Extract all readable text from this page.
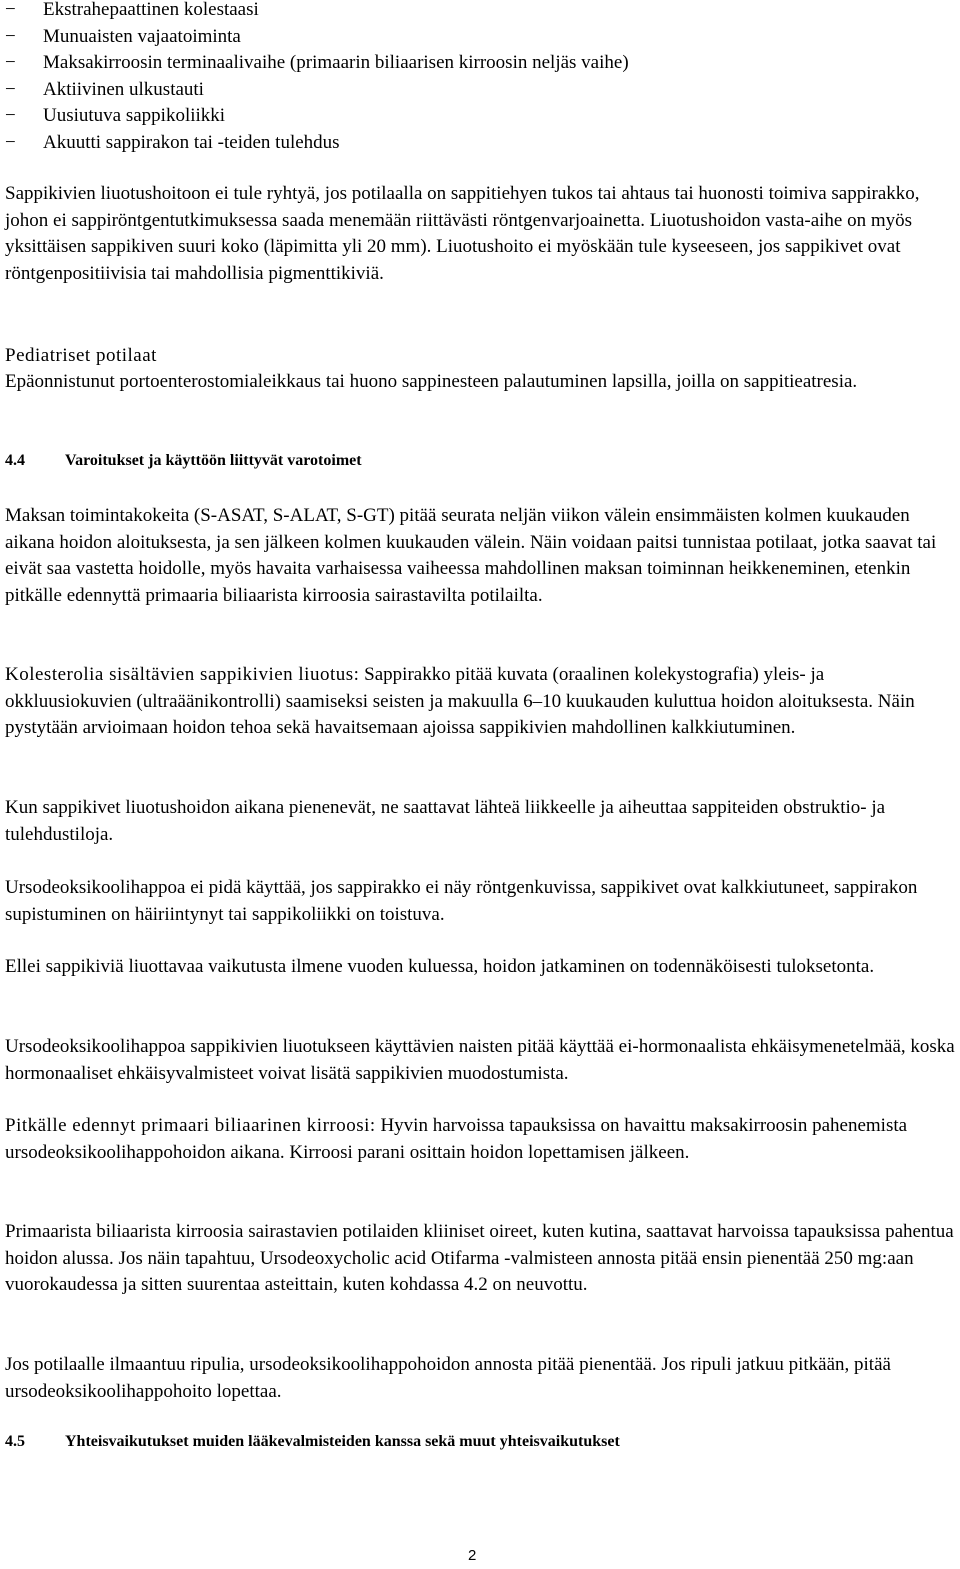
−	Ekstrahepaattinen kolestaasi
−	Munuaisten vajaatoiminta
−	Maksakirroosin terminaalivaihe (primaarin biliaarisen kirroosin neljäs vaihe)
−	Aktiivinen ulkustauti
−	Uusiutuva sappikoliikki
−	Akuutti sappirakon tai -teiden tulehdus

Sappikivien liuotushoitoon ei tule ryhtyä, jos potilaalla on sappitiehyen tukos tai ahtaus tai huonosti toimiva sappirakko, johon ei sappiröntgentutkimuksessa saada menemään riittävästi röntgenvarjoainetta. Liuotushoidon vasta-aihe on myös yksittäisen sappikiven suuri koko (läpimitta yli 20 mm). Liuotushoito ei myöskään tule kyseeseen, jos sappikivet ovat röntgenpositiivisia tai mahdollisia pigmenttikiviä.

Pediatriset potilaat

Epäonnistunut portoenterostomialeikkaus tai huono sappinesteen palautuminen lapsilla, joilla on sappitieatresia.

4.4	Varoitukset ja käyttöön liittyvät varotoimet

Maksan toimintakokeita (S-ASAT, S-ALAT, S-GT) pitää seurata neljän viikon välein ensimmäisten kolmen kuukauden aikana hoidon aloituksesta, ja sen jälkeen kolmen kuukauden välein. Näin voidaan paitsi tunnistaa potilaat, jotka saavat tai eivät saa vastetta hoidolle, myös havaita varhaisessa vaiheessa mahdollinen maksan toiminnan heikkeneminen, etenkin pitkälle edennyttä primaaria biliaarista kirroosia sairastavilta potilailta.

Kolesterolia sisältävien sappikivien liuotus: Sappirakko pitää kuvata (oraalinen kolekystografia) yleis- ja okkluusiokuvien (ultraäänikontrolli) saamiseksi seisten ja makuulla 6–10 kuukauden kuluttua hoidon aloituksesta. Näin pystytään arvioimaan hoidon tehoa sekä havaitsemaan ajoissa sappikivien mahdollinen kalkkiutuminen.

Kun sappikivet liuotushoidon aikana pienenevät, ne saattavat lähteä liikkeelle ja aiheuttaa sappiteiden obstruktio- ja tulehdustiloja.

Ursodeoksikoolihappoa ei pidä käyttää, jos sappirakko ei näy röntgenkuvissa, sappikivet ovat kalkkiutuneet, sappirakon supistuminen on häiriintynyt tai sappikoliikki on toistuva.

Ellei sappikiviä liuottavaa vaikutusta ilmene vuoden kuluessa, hoidon jatkaminen on todennäköisesti tuloksetonta.

Ursodeoksikoolihappoa sappikivien liuotukseen käyttävien naisten pitää käyttää ei-hormonaalista ehkäisymenetelmää, koska hormonaaliset ehkäisyvalmisteet voivat lisätä sappikivien muodostumista.

Pitkälle edennyt primaari biliaarinen kirroosi: Hyvin harvoissa tapauksissa on havaittu maksakirroosin pahenemista ursodeoksikoolihappohoidon aikana. Kirroosi parani osittain hoidon lopettamisen jälkeen.

Primaarista biliaarista kirroosia sairastavien potilaiden kliiniset oireet, kuten kutina, saattavat harvoissa tapauksissa pahentua hoidon alussa. Jos näin tapahtuu, Ursodeoxycholic acid Otifarma -valmisteen annosta pitää ensin pienentää 250 mg:aan vuorokaudessa ja sitten suurentaa asteittain, kuten kohdassa 4.2 on neuvottu.

Jos potilaalle ilmaantuu ripulia, ursodeoksikoolihappohoidon annosta pitää pienentää. Jos ripuli jatkuu pitkään, pitää ursodeoksikoolihappohoito lopettaa.

4.5	Yhteisvaikutukset muiden lääkevalmisteiden kanssa sekä muut yhteisvaikutukset
2
